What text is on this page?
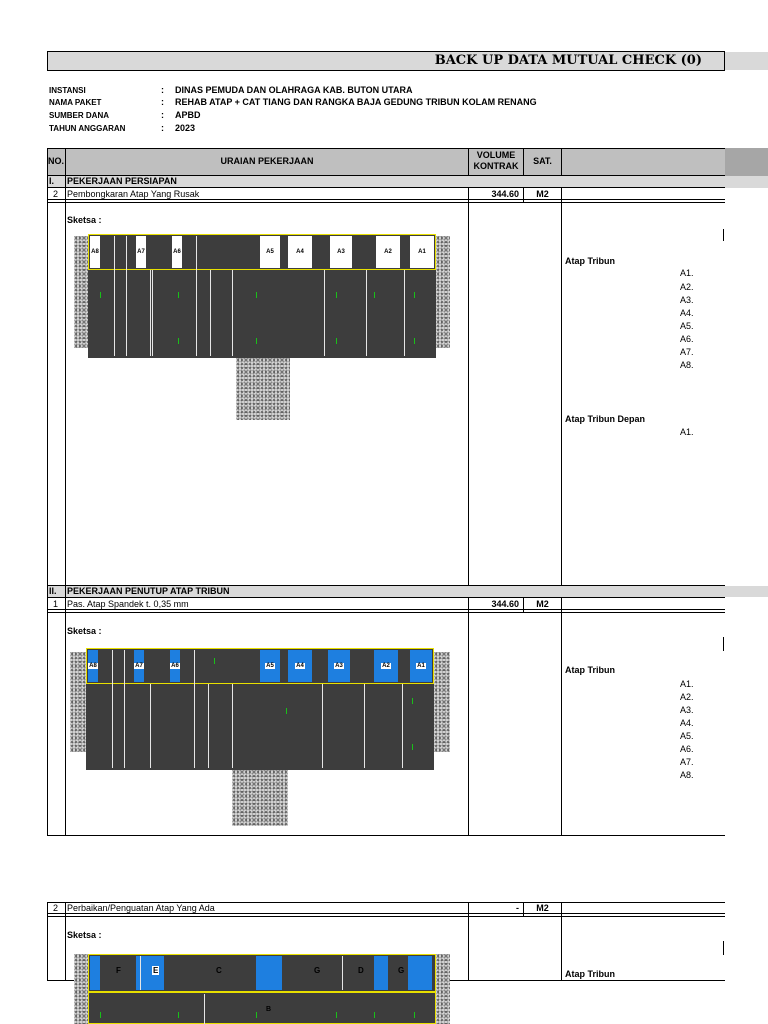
BACK UP DATA MUTUAL CHECK (0)
INSTANSI	: DINAS PEMUDA DAN OLAHRAGA KAB. BUTON UTARA
NAMA PAKET	: REHAB ATAP + CAT TIANG DAN RANGKA BAJA GEDUNG TRIBUN KOLAM RENANG
SUMBER DANA	: APBD
TAHUN ANGGARAN	: 2023
NO.	URAIAN PEKERJAAN
VOLUME
KONTRAK	SAT.
I. PEKERJAAN PERSIAPAN
2 Pembongkaran Atap Yang Rusak	344.60	M2
Sketsa :
A8	A7	A6	A5	A4	A3	A2	A1
Atap Tribun
A1.
A2.
A3.
A4.
A5.
A6.
A7.
A8.
Atap Tribun Depan
A1.
II. PEKERJAAN PENUTUP ATAP TRIBUN
1 Pas. Atap Spandek t. 0,35 mm	344.60	M2
Sketsa :
A8	A7	A6	A5	A4	A3	A2	A1	Atap Tribun
A1.
A2.
A3.
A4.
A5.
A6.
A7.
A8.
2 Perbaikan/Penguatan Atap Yang Ada	-	M2
Sketsa :
Atap Tribun
F	E	C	G	D	G
B
